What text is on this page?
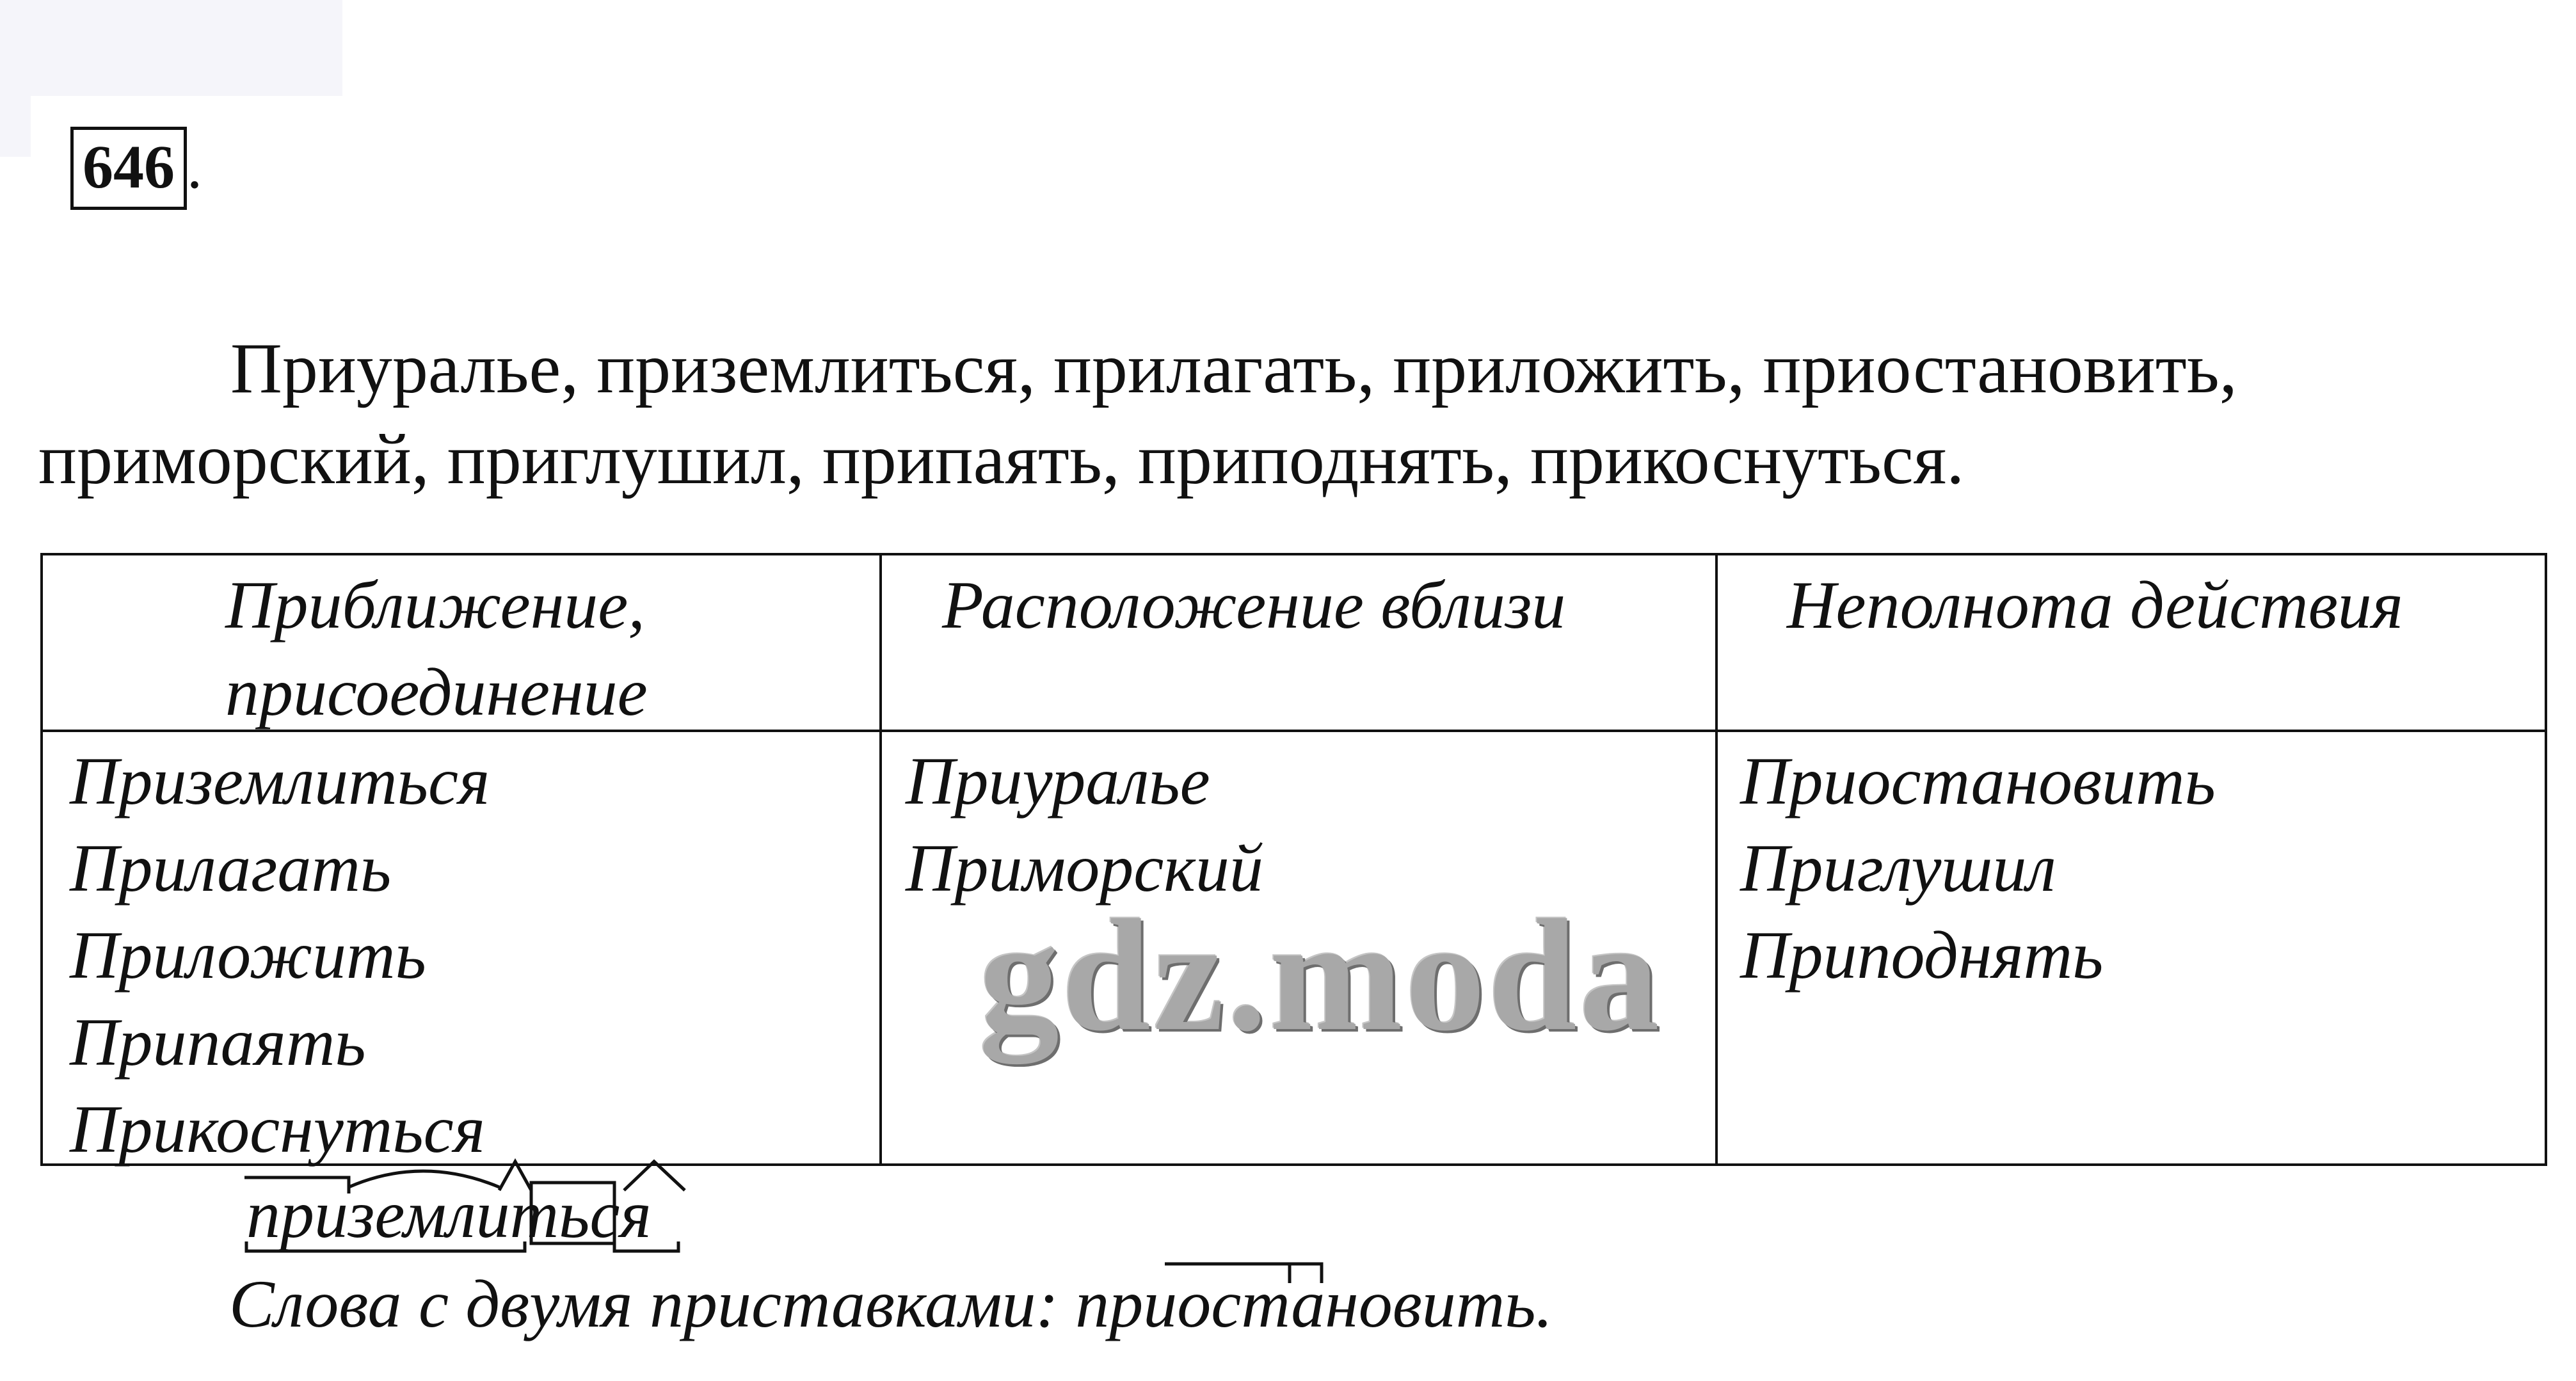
646 .

Приуралье, приземлиться, прилагать, приложить, приостановить, приморский, приглушил, припаять, приподнять, прикоснуться.

Приближение,
присоединение
Расположение вблизи	Неполнота действия
Приземлиться
Прилагать
Приложить
Припаять
Прикоснуться
Приуралье
Приморский
Приостановить
Приглушил
Приподнять
gdz.moda
приземлиться
Слова с двумя приставками: приостановить.
